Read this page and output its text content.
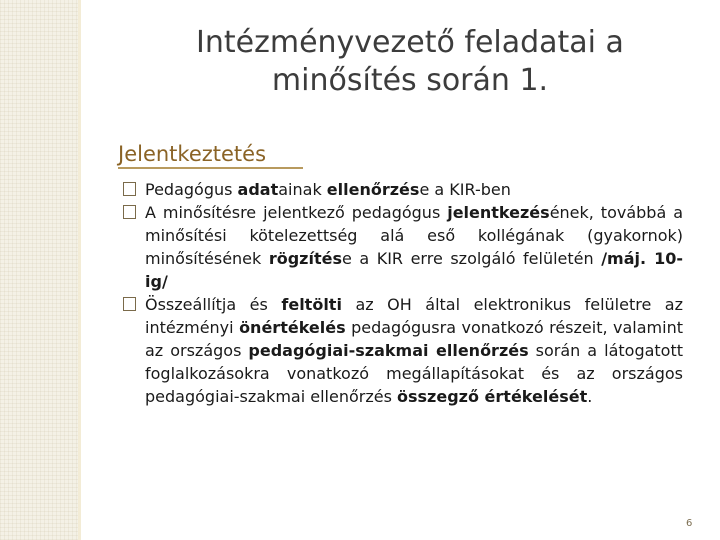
Intézményvezető feladatai a
minősítés során 1.
Jelentkeztetés

Pedagógus adatainak ellenőrzése a KIR-ben

A minősítésre jelentkező pedagógus jelentkezésének, továbbá a minősítési kötelezettség alá eső kollégának (gyakornok) minősítésének rögzítése a KIR erre szolgáló felületén /máj. 10-ig/

Összeállítja és feltölti az OH által elektronikus felületre az intézményi önértékelés pedagógusra vonatkozó részeit, valamint az országos pedagógiai-szakmai ellenőrzés során a látogatott foglalkozásokra vonatkozó megállapításokat és az országos pedagógiai-szakmai ellenőrzés összegző értékelését.

6
